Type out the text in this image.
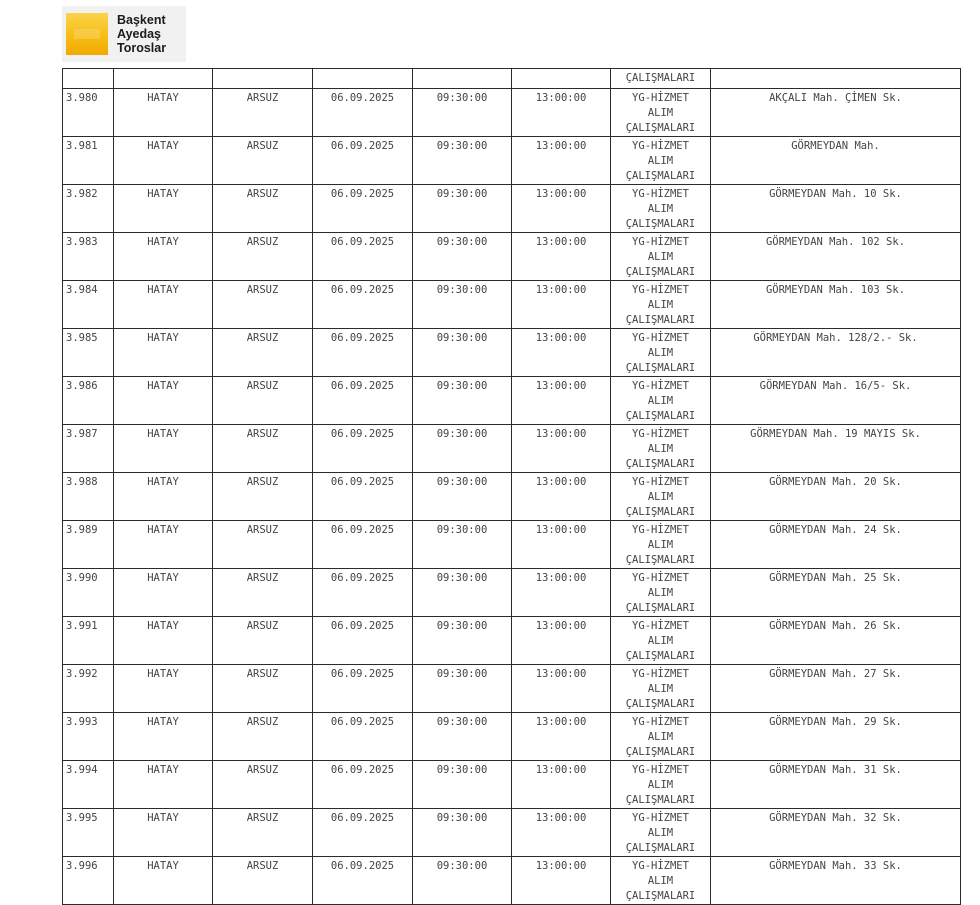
Başkent
Ayedaş
Toroslar
						ÇALIŞMALARI	
3.980	HATAY	ARSUZ	06.09.2025	09:30:00	13:00:00	YG-HİZMET
ALIM
ÇALIŞMALARI	AKÇALI Mah. ÇİMEN Sk.
3.981	HATAY	ARSUZ	06.09.2025	09:30:00	13:00:00	YG-HİZMET
ALIM
ÇALIŞMALARI	GÖRMEYDAN Mah.
3.982	HATAY	ARSUZ	06.09.2025	09:30:00	13:00:00	YG-HİZMET
ALIM
ÇALIŞMALARI	GÖRMEYDAN Mah. 10 Sk.
3.983	HATAY	ARSUZ	06.09.2025	09:30:00	13:00:00	YG-HİZMET
ALIM
ÇALIŞMALARI	GÖRMEYDAN Mah. 102 Sk.
3.984	HATAY	ARSUZ	06.09.2025	09:30:00	13:00:00	YG-HİZMET
ALIM
ÇALIŞMALARI	GÖRMEYDAN Mah. 103 Sk.
3.985	HATAY	ARSUZ	06.09.2025	09:30:00	13:00:00	YG-HİZMET
ALIM
ÇALIŞMALARI	GÖRMEYDAN Mah. 128/2.- Sk.
3.986	HATAY	ARSUZ	06.09.2025	09:30:00	13:00:00	YG-HİZMET
ALIM
ÇALIŞMALARI	GÖRMEYDAN Mah. 16/5- Sk.
3.987	HATAY	ARSUZ	06.09.2025	09:30:00	13:00:00	YG-HİZMET
ALIM
ÇALIŞMALARI	GÖRMEYDAN Mah. 19 MAYIS Sk.
3.988	HATAY	ARSUZ	06.09.2025	09:30:00	13:00:00	YG-HİZMET
ALIM
ÇALIŞMALARI	GÖRMEYDAN Mah. 20 Sk.
3.989	HATAY	ARSUZ	06.09.2025	09:30:00	13:00:00	YG-HİZMET
ALIM
ÇALIŞMALARI	GÖRMEYDAN Mah. 24 Sk.
3.990	HATAY	ARSUZ	06.09.2025	09:30:00	13:00:00	YG-HİZMET
ALIM
ÇALIŞMALARI	GÖRMEYDAN Mah. 25 Sk.
3.991	HATAY	ARSUZ	06.09.2025	09:30:00	13:00:00	YG-HİZMET
ALIM
ÇALIŞMALARI	GÖRMEYDAN Mah. 26 Sk.
3.992	HATAY	ARSUZ	06.09.2025	09:30:00	13:00:00	YG-HİZMET
ALIM
ÇALIŞMALARI	GÖRMEYDAN Mah. 27 Sk.
3.993	HATAY	ARSUZ	06.09.2025	09:30:00	13:00:00	YG-HİZMET
ALIM
ÇALIŞMALARI	GÖRMEYDAN Mah. 29 Sk.
3.994	HATAY	ARSUZ	06.09.2025	09:30:00	13:00:00	YG-HİZMET
ALIM
ÇALIŞMALARI	GÖRMEYDAN Mah. 31 Sk.
3.995	HATAY	ARSUZ	06.09.2025	09:30:00	13:00:00	YG-HİZMET
ALIM
ÇALIŞMALARI	GÖRMEYDAN Mah. 32 Sk.
3.996	HATAY	ARSUZ	06.09.2025	09:30:00	13:00:00	YG-HİZMET
ALIM
ÇALIŞMALARI	GÖRMEYDAN Mah. 33 Sk.
